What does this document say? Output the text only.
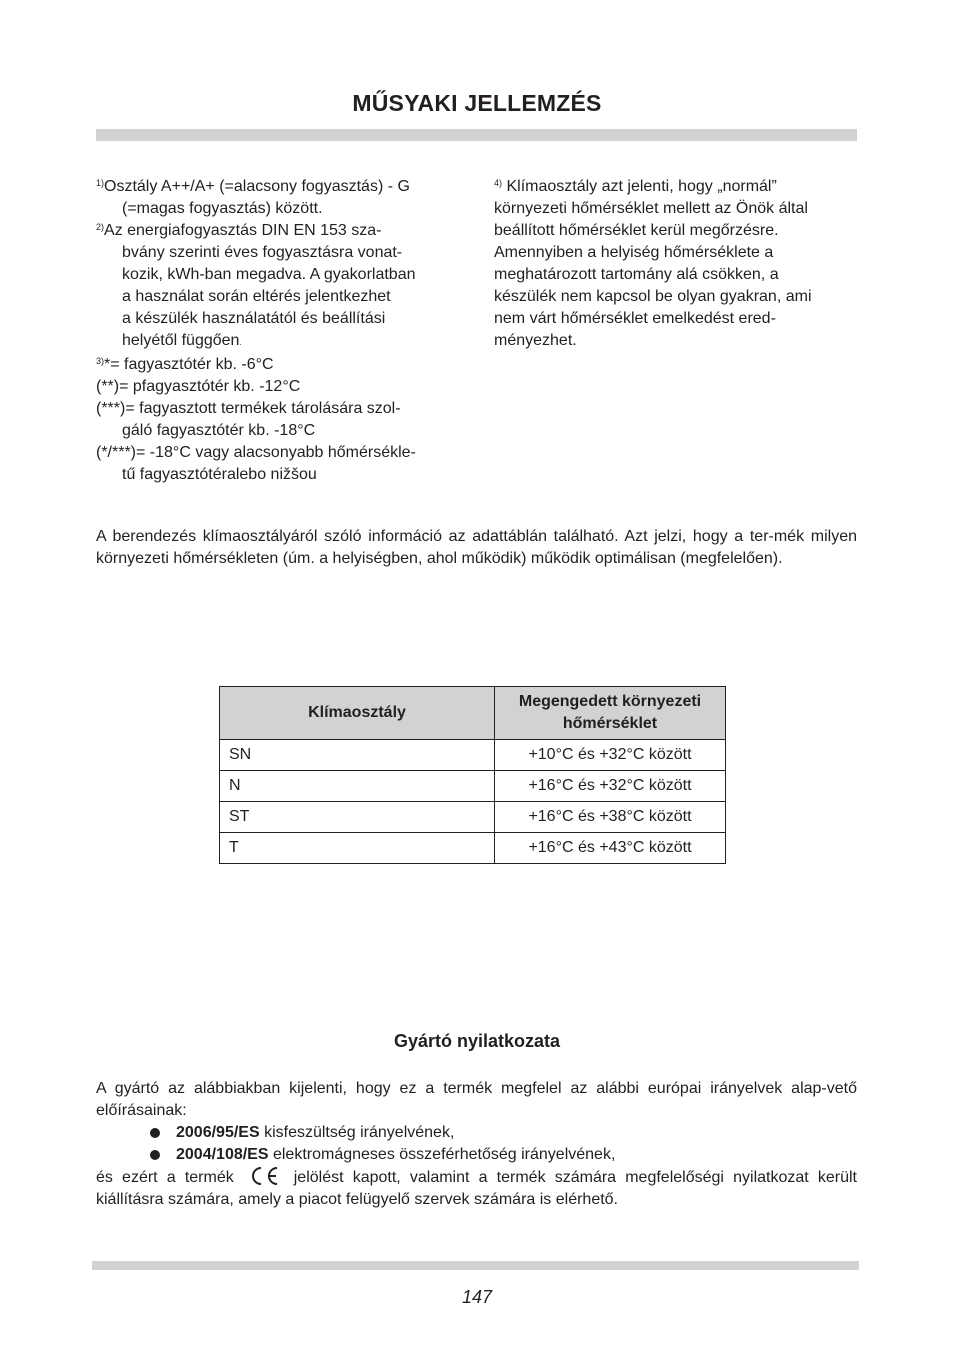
MŰSYAKI JELLEMZÉS

$^{1)}$Osztály A++/A+ (=alacsony fogyasztás) - G
(=magas fogyasztás) között.

$^{2)}$Az energiafogyasztás DIN EN 153 sza-
bvány szerinti éves fogyasztásra vonat-
kozik, kWh-ban megadva. A gyakorlatban
a használat során eltérés jelentkezhet
a készülék használatától és beállítási
helyétől függően.

$^{3)}$*= fagyasztótér kb. -6°C

(**)= pfagyasztótér kb. -12°C

(***)= fagyasztott termékek tárolására szol-
gáló fagyasztótér kb. -18°C

(*/***)= -18°C vagy alacsonyabb hőmérsékle-
tű fagyasztótéralebo nižšou

$^{4)}$ Klímaosztály azt jelenti, hogy „normál”
környezeti hőmérséklet mellett az Önök által
beállított hőmérséklet kerül megőrzésre.
Amennyiben a helyiség hőmérséklete a
meghatározott tartomány alá csökken, a
készülék nem kapcsol be olyan gyakran, ami
nem várt hőmérséklet emelkedést ered-
ményezhet.
A berendezés klímaosztályáról szóló információ az adattáblán található. Azt jelzi, hogy a ter-mék milyen környezeti hőmérsékleten (úm. a helyiségben, ahol működik) működik optimálisan (megfelelően).
Klímaosztály	Megengedett környezeti hőmérséklet
SN	+10°C és +32°C között
N	+16°C és +32°C között
ST	+16°C és +38°C között
T	+16°C és +43°C között
Gyártó nyilatkozata
A gyártó az alábbiakban kijelenti, hogy ez a termék megfelel az alábbi európai irányelvek alap-vető előírásainak:
2006/95/ES kisfeszültség irányelvének,
2004/108/ES elektromágneses összeférhetőség irányelvének,
és ezért a termék	jelölést kapott, valamint a termék számára megfelelőségi nyilatkozat került kiállításra számára, amely a piacot felügyelő szervek számára is elérhető.
147
